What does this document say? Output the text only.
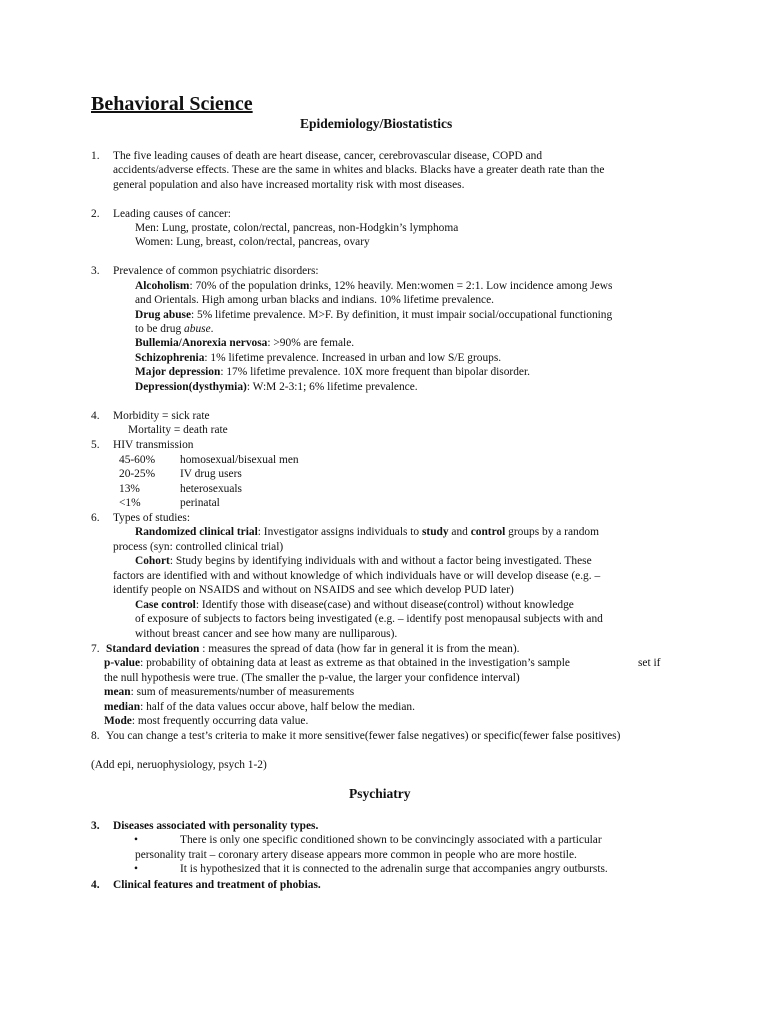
Behavioral Science
Epidemiology/Biostatistics
1. The five leading causes of death are heart disease, cancer, cerebrovascular disease, COPD and
accidents/adverse effects. These are the same in whites and blacks. Blacks have a greater death rate than the
general population and also have increased mortality risk with most diseases.
2. Leading causes of cancer:
Men: Lung, prostate, colon/rectal, pancreas, non-Hodgkin’s lymphoma
Women: Lung, breast, colon/rectal, pancreas, ovary
3. Prevalence of common psychiatric disorders:
Alcoholism: 70% of the population drinks, 12% heavily. Men:women = 2:1. Low incidence among Jews
and Orientals. High among urban blacks and indians. 10% lifetime prevalence.
Drug abuse: 5% lifetime prevalence. M>F. By definition, it must impair social/occupational functioning
to be drug abuse.
Bullemia/Anorexia nervosa: >90% are female.
Schizophrenia: 1% lifetime prevalence. Increased in urban and low S/E groups.
Major depression: 17% lifetime prevalence. 10X more frequent than bipolar disorder.
Depression(dysthymia): W:M 2-3:1; 6% lifetime prevalence.
4. Morbidity = sick rate
Mortality = death rate
5. HIV transmission
45-60% homosexual/bisexual men
20-25% IV drug users
13%	heterosexuals
<1%	perinatal
6. Types of studies:
Randomized clinical trial: Investigator assigns individuals to study and control groups by a random
process (syn: controlled clinical trial)
Cohort: Study begins by identifying individuals with and without a factor being investigated. These
factors are identified with and without knowledge of which individuals have or will develop disease (e.g. –
identify people on NSAIDS and without on NSAIDS and see which develop PUD later)
Case control: Identify those with disease(case) and without disease(control) without knowledge
of exposure of subjects to factors being investigated (e.g. – identify post menopausal subjects with and
without breast cancer and see how many are nulliparous).
7. Standard deviation : measures the spread of data (how far in general it is from the mean).
p-value: probability of obtaining data at least as extreme as that obtained in the investigation’s sample	set if
the null hypothesis were true. (The smaller the p-value, the larger your confidence interval)
mean: sum of measurements/number of measurements
median: half of the data values occur above, half below the median.
Mode: most frequently occurring data value.
8. You can change a test’s criteria to make it more sensitive(fewer false negatives) or specific(fewer false positives)
(Add epi, neruophysiology, psych 1-2)
Psychiatry
3. Diseases associated with personality types.
•	There is only one specific conditioned shown to be convincingly associated with a particular
personality trait – coronary artery disease appears more common in people who are more hostile.
•	It is hypothesized that it is connected to the adrenalin surge that accompanies angry outbursts.
4. Clinical features and treatment of phobias.
